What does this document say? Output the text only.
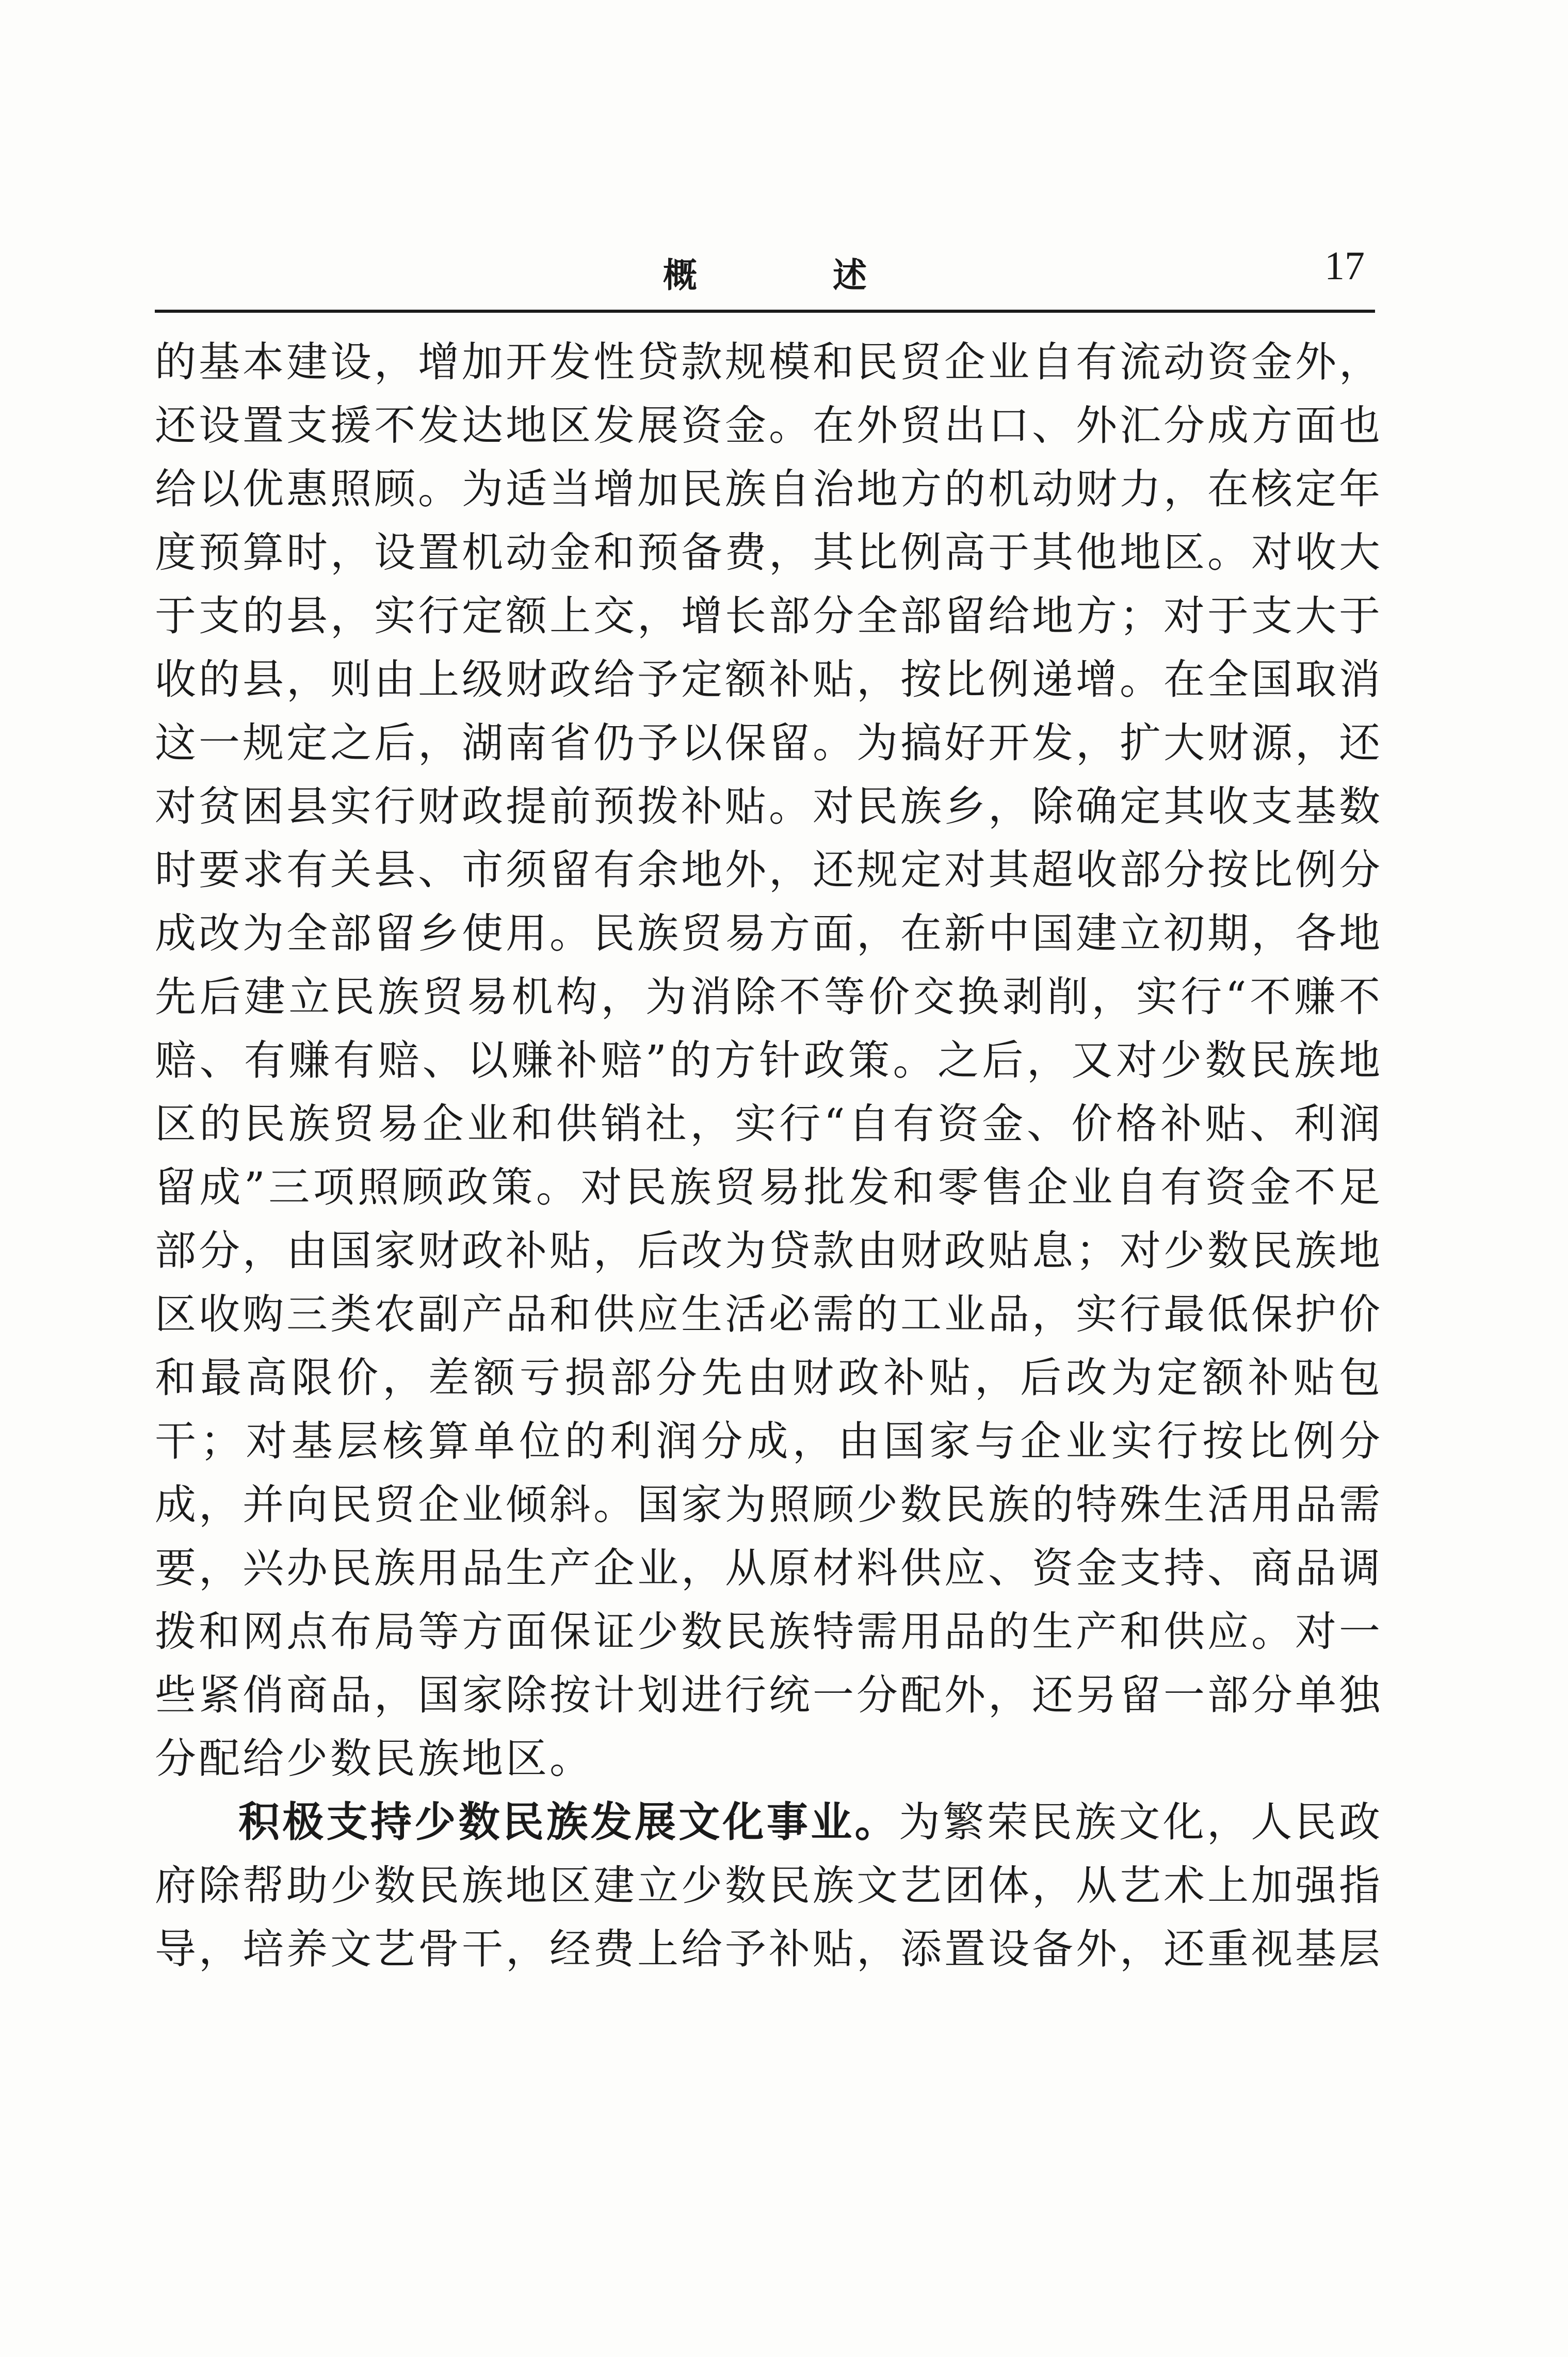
概 述	17

的基本建设，增加开发性贷款规模和民贸企业自有流动资金外，还设置支援不发达地区发展资金。在外贸出口、外汇分成方面也给以优惠照顾。为适当增加民族自治地方的机动财力，在核定年度预算时，设置机动金和预备费，其比例高于其他地区。对收大于支的县，实行定额上交，增长部分全部留给地方；对于支大于收的县，则由上级财政给予定额补贴，按比例递增。在全国取消这一规定之后，湖南省仍予以保留。为搞好开发，扩大财源，还对贫困县实行财政提前预拨补贴。对民族乡，除确定其收支基数时要求有关县、市须留有余地外，还规定对其超收部分按比例分成改为全部留乡使用。民族贸易方面，在新中国建立初期，各地先后建立民族贸易机构，为消除不等价交换剥削，实行“不赚不赔、有赚有赔、以赚补赔”的方针政策。之后，又对少数民族地区的民族贸易企业和供销社，实行“自有资金、价格补贴、利润留成”三项照顾政策。对民族贸易批发和零售企业自有资金不足部分，由国家财政补贴，后改为贷款由财政贴息；对少数民族地区收购三类农副产品和供应生活必需的工业品，实行最低保护价和最高限价，差额亏损部分先由财政补贴，后改为定额补贴包干；对基层核算单位的利润分成，由国家与企业实行按比例分成，并向民贸企业倾斜。国家为照顾少数民族的特殊生活用品需要，兴办民族用品生产企业，从原材料供应、资金支持、商品调拨和网点布局等方面保证少数民族特需用品的生产和供应。对一些紧俏商品，国家除按计划进行统一分配外，还另留一部分单独分配给少数民族地区。

积极支持少数民族发展文化事业。为繁荣民族文化，人民政府除帮助少数民族地区建立少数民族文艺团体，从艺术上加强指导，培养文艺骨干，经费上给予补贴，添置设备外，还重视基层
